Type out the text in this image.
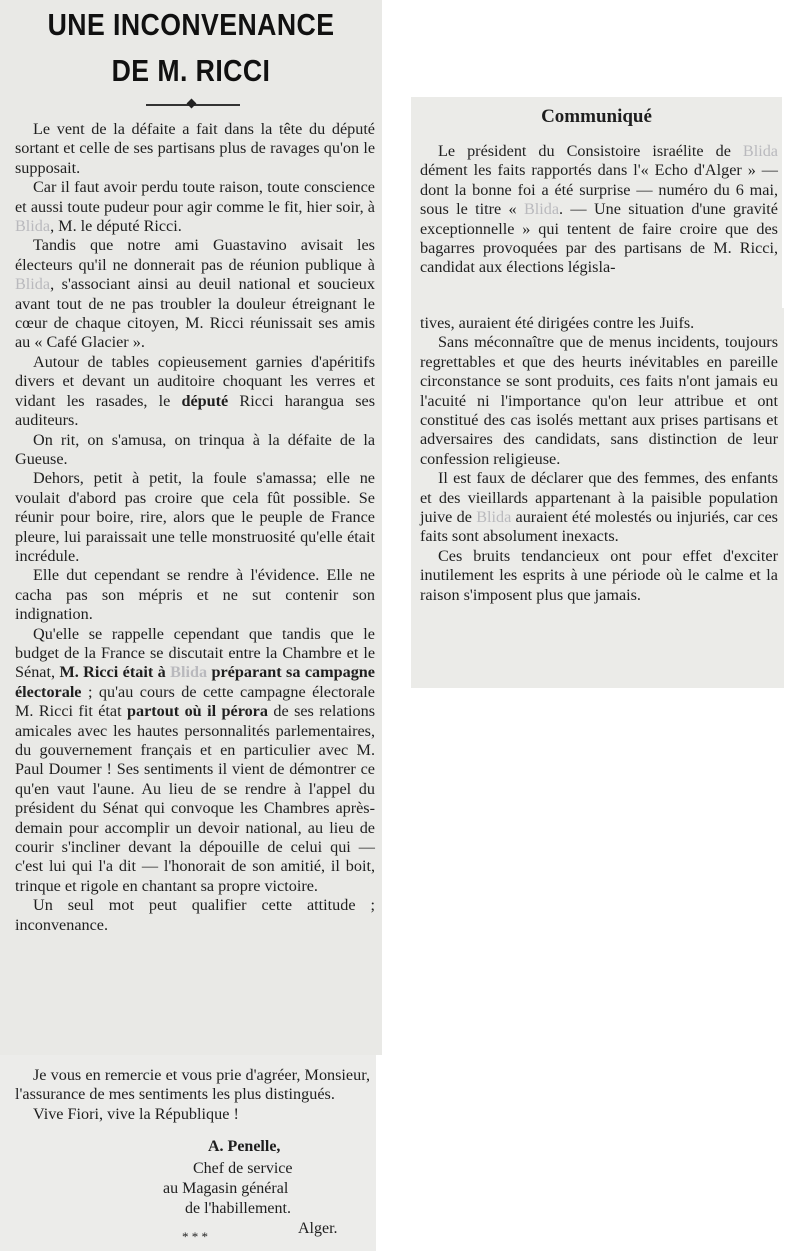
UNE INCONVENANCE
DE M. RICCI

Le vent de la défaite a fait dans la tête du député sortant et celle de ses partisans plus de ravages qu'on le supposait.

Car il faut avoir perdu toute raison, toute conscience et aussi toute pudeur pour agir comme le fit, hier soir, à Blida, M. le député Ricci.

Tandis que notre ami Guastavino avisait les électeurs qu'il ne donnerait pas de réunion publique à Blida, s'associant ainsi au deuil national et soucieux avant tout de ne pas troubler la douleur étreignant le cœur de chaque citoyen, M. Ricci réunissait ses amis au « Café Glacier ».

Autour de tables copieusement garnies d'apéritifs divers et devant un auditoire choquant les verres et vidant les rasades, le député Ricci harangua ses auditeurs.

On rit, on s'amusa, on trinqua à la défaite de la Gueuse.

Dehors, petit à petit, la foule s'amassa; elle ne voulait d'abord pas croire que cela fût possible. Se réunir pour boire, rire, alors que le peuple de France pleure, lui paraissait une telle monstruosité qu'elle était incrédule.

Elle dut cependant se rendre à l'évidence. Elle ne cacha pas son mépris et ne sut contenir son indignation.

Qu'elle se rappelle cependant que tandis que le budget de la France se discutait entre la Chambre et le Sénat, M. Ricci était à Blida préparant sa campagne électorale ; qu'au cours de cette campagne électorale M. Ricci fit état partout où il pérora de ses relations amicales avec les hautes personnalités parlementaires, du gouvernement français et en particulier avec M. Paul Doumer ! Ses sentiments il vient de démontrer ce qu'en vaut l'aune. Au lieu de se rendre à l'appel du président du Sénat qui convoque les Chambres après-demain pour accomplir un devoir national, au lieu de courir s'incliner devant la dépouille de celui qui — c'est lui qui l'a dit — l'honorait de son amitié, il boit, trinque et rigole en chantant sa propre victoire.

Un seul mot peut qualifier cette attitude ; inconvenance.

Je vous en remercie et vous prie d'agréer, Monsieur, l'assurance de mes sentiments les plus distingués.

Vive Fiori, vive la République !

A. Penelle,

Chef de service

au Magasin général

de l'habillement.

Alger.

* * *

Communiqué

Le président du Consistoire israélite de Blida dément les faits rapportés dans l'« Echo d'Alger » — dont la bonne foi a été surprise — numéro du 6 mai, sous le titre « Blida. — Une situation d'une gravité exceptionnelle » qui tentent de faire croire que des bagarres provoquées par des partisans de M. Ricci, candidat aux élections législa-

tives, auraient été dirigées contre les Juifs.

Sans méconnaître que de menus incidents, toujours regrettables et que des heurts inévitables en pareille circonstance se sont produits, ces faits n'ont jamais eu l'acuité ni l'importance qu'on leur attribue et ont constitué des cas isolés mettant aux prises partisans et adversaires des candidats, sans distinction de leur confession religieuse.

Il est faux de déclarer que des femmes, des enfants et des vieillards appartenant à la paisible population juive de Blida auraient été molestés ou injuriés, car ces faits sont absolument inexacts.

Ces bruits tendancieux ont pour effet d'exciter inutilement les esprits à une période où le calme et la raison s'imposent plus que jamais.
